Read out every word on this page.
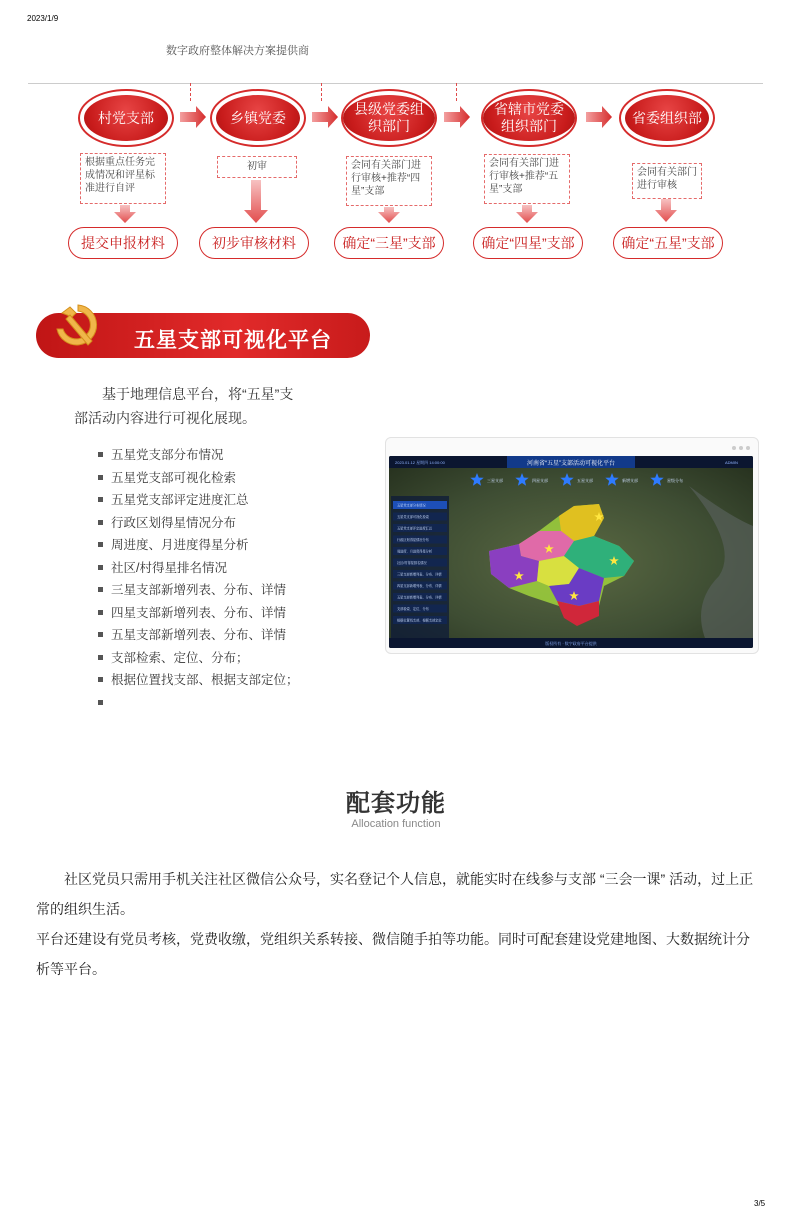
2023/1/9
数字政府整体解决方案提供商
村党支部
根据重点任务完成情况和评星标准进行自评
提交申报材料
乡镇党委
初审
初步审核材料
县级党委组织部门
会同有关部门进行审核+推荐“四星”支部
确定“三星”支部
省辖市党委组织部门
会同有关部门进行审核+推荐“五星”支部
确定“四星”支部
省委组织部
会同有关部门进行审核
确定“五星”支部
五星支部可视化平台
基于地理信息平台，将“五星”支部活动内容进行可视化展现。
五星党支部分布情况
五星党支部可视化检索
五星党支部评定进度汇总
行政区划得星情况分布
周进度、月进度得星分析
社区/村得星排名情况
三星支部新增列表、分布、详情
四星支部新增列表、分布、详情
五星支部新增列表、分布、详情
支部检索、定位、分布；
根据位置找支部、根据支部定位；
河南省“五星”支部活动可视化平台
2023.01.12 星期四 14:00:00	ADMIN
三星支部	四星支部	五星支部	新增支部	星级分布
五星党支部分布情况
五星党支部可视化检索
五星党支部评定进度汇总
行政区划得星情况分布
周进度、月进度得星分析
社区/村得星排名情况
三星支部新增列表、分布、详情
四星支部新增列表、分布、详情
五星支部新增列表、分布、详情
支部检索、定位、分布
根据位置找支部、根据支部定位
版权所有 · 数字政府平台提供
配套功能
Allocation function
社区党员只需用手机关注社区微信公众号，实名登记个人信息，就能实时在线参与支部 “三会一课” 活动，过上正常的组织生活。
平台还建设有党员考核，党费收缴，党组织关系转接、微信随手拍等功能。同时可配套建设党建地图、大数据统计分析等平台。
3/5
